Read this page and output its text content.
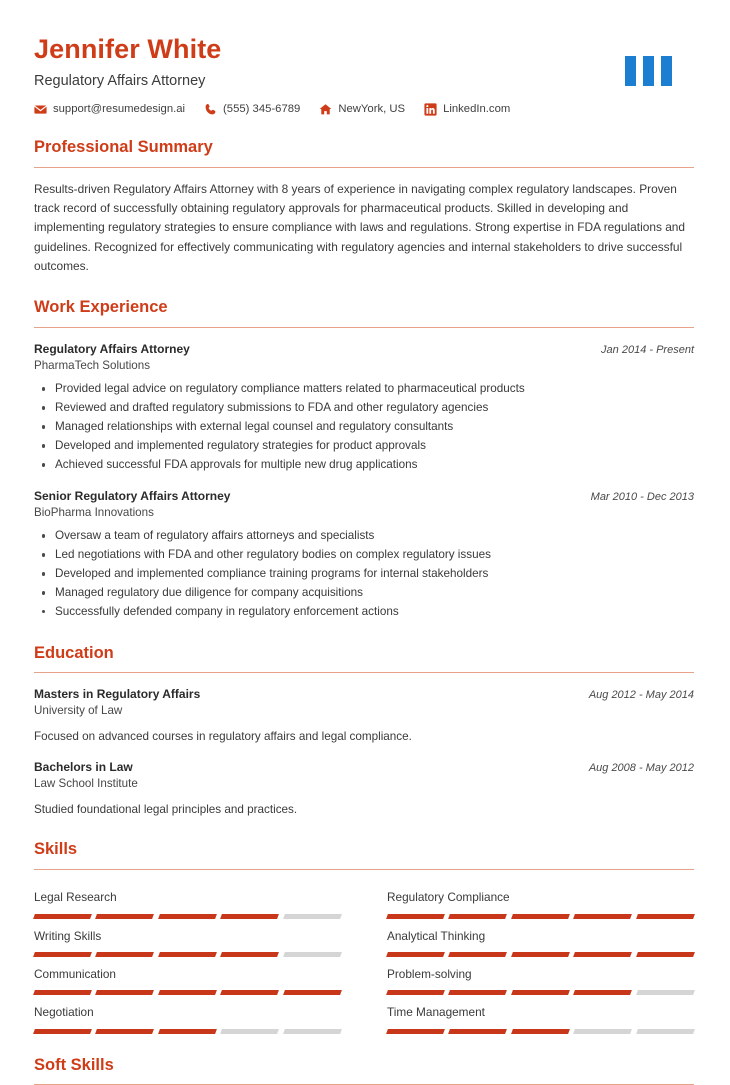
Jennifer White
Regulatory Affairs Attorney
support@resumedesign.ai	(555) 345-6789	NewYork, US	LinkedIn.com
Professional Summary
Results-driven Regulatory Affairs Attorney with 8 years of experience in navigating complex regulatory landscapes. Proven track record of successfully obtaining regulatory approvals for pharmaceutical products. Skilled in developing and implementing regulatory strategies to ensure compliance with laws and regulations. Strong expertise in FDA regulations and guidelines. Recognized for effectively communicating with regulatory agencies and internal stakeholders to drive successful outcomes.
Work Experience
Regulatory Affairs Attorney	Jan 2014 - Present
PharmaTech Solutions
Provided legal advice on regulatory compliance matters related to pharmaceutical products
Reviewed and drafted regulatory submissions to FDA and other regulatory agencies
Managed relationships with external legal counsel and regulatory consultants
Developed and implemented regulatory strategies for product approvals
Achieved successful FDA approvals for multiple new drug applications
Senior Regulatory Affairs Attorney	Mar 2010 - Dec 2013
BioPharma Innovations
Oversaw a team of regulatory affairs attorneys and specialists
Led negotiations with FDA and other regulatory bodies on complex regulatory issues
Developed and implemented compliance training programs for internal stakeholders
Managed regulatory due diligence for company acquisitions
Successfully defended company in regulatory enforcement actions
Education
Masters in Regulatory Affairs	Aug 2012 - May 2014
University of Law
Focused on advanced courses in regulatory affairs and legal compliance.
Bachelors in Law	Aug 2008 - May 2012
Law School Institute
Studied foundational legal principles and practices.
Skills
Legal Research	Regulatory Compliance
Writing Skills	Analytical Thinking
Communication	Problem-solving
Negotiation	Time Management
Soft Skills
